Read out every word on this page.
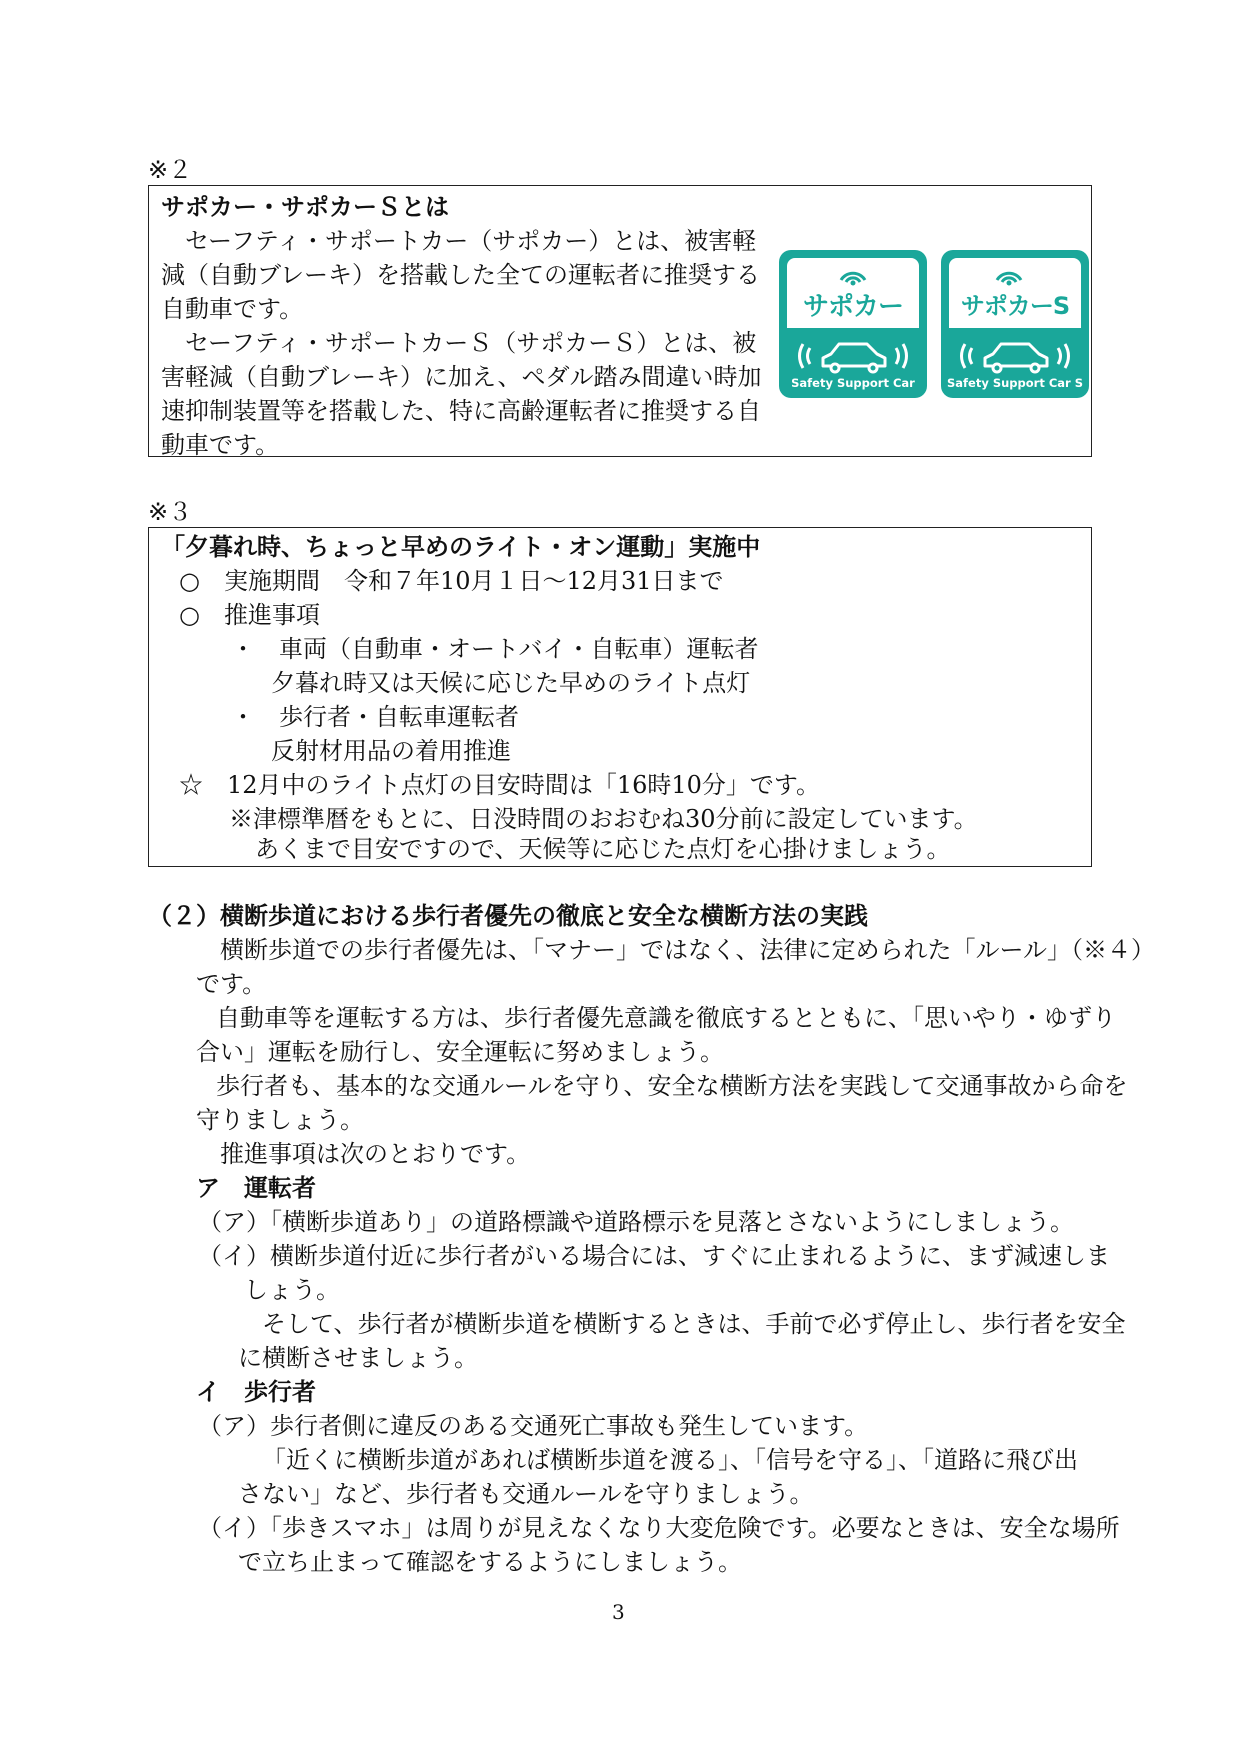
※２
サポカー・サポカーＳとは
　セーフティ・サポートカー（サポカー）とは、被害軽
減（自動ブレーキ）を搭載した全ての運転者に推奨する
自動車です。
　セーフティ・サポートカーＳ（サポカーＳ）とは、被
害軽減（自動ブレーキ）に加え、ペダル踏み間違い時加
速抑制装置等を搭載した、特に高齢運転者に推奨する自
動車です。
サポカー
Safety Support Car
サポカーS
Safety Support Car S
※３
「夕暮れ時、ちょっと早めのライト・オン運動」実施中
○　実施期間　令和７年10月１日～12月31日まで
○　推進事項
・　車両（自動車・オートバイ・自転車）運転者
夕暮れ時又は天候に応じた早めのライト点灯
・　歩行者・自転車運転者
反射材用品の着用推進
☆　12月中のライト点灯の目安時間は「16時10分」です。
※津標準暦をもとに、日没時間のおおむね30分前に設定しています。
あくまで目安ですので、天候等に応じた点灯を心掛けましょう。
（２）横断歩道における歩行者優先の徹底と安全な横断方法の実践
横断歩道での歩行者優先は、「マナー」ではなく、法律に定められた「ルール」（※４）
です。
自動車等を運転する方は、歩行者優先意識を徹底するとともに、「思いやり・ゆずり
合い」運転を励行し、安全運転に努めましょう。
歩行者も、基本的な交通ルールを守り、安全な横断方法を実践して交通事故から命を
守りましょう。
推進事項は次のとおりです。
ア　運転者
（ア）「横断歩道あり」の道路標識や道路標示を見落とさないようにしましょう。
（イ）横断歩道付近に歩行者がいる場合には、すぐに止まれるように、まず減速しま
しょう。
そして、歩行者が横断歩道を横断するときは、手前で必ず停止し、歩行者を安全
に横断させましょう。
イ　歩行者
（ア）歩行者側に違反のある交通死亡事故も発生しています。
「近くに横断歩道があれば横断歩道を渡る」、「信号を守る」、「道路に飛び出
さない」など、歩行者も交通ルールを守りましょう。
（イ）「歩きスマホ」は周りが見えなくなり大変危険です。必要なときは、安全な場所
で立ち止まって確認をするようにしましょう。
3
